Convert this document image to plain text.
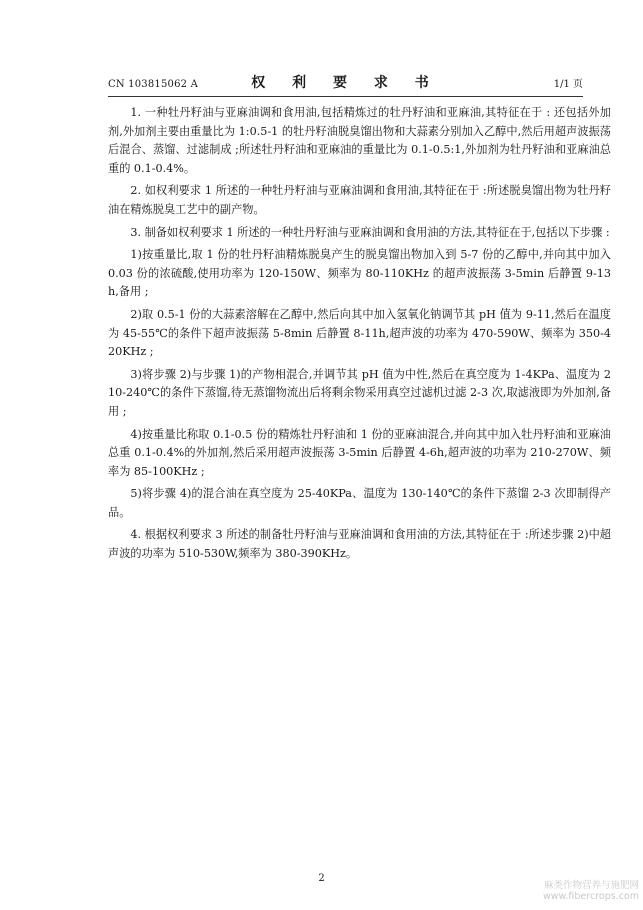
CN 103815062 A	权 利 要 求 书	1/1 页

1. 一种牡丹籽油与亚麻油调和食用油,包括精炼过的牡丹籽油和亚麻油,其特征在于 : 还包括外加剂,外加剂主要由重量比为 1:0.5-1 的牡丹籽油脱臭馏出物和大蒜素分别加入乙醇中,然后用超声波振荡后混合、蒸馏、过滤制成 ;所述牡丹籽油和亚麻油的重量比为 0.1-0.5:1,外加剂为牡丹籽油和亚麻油总重的 0.1-0.4%。

2. 如权利要求 1 所述的一种牡丹籽油与亚麻油调和食用油,其特征在于 :所述脱臭馏出物为牡丹籽油在精炼脱臭工艺中的副产物。

3. 制备如权利要求 1 所述的一种牡丹籽油与亚麻油调和食用油的方法,其特征在于,包括以下步骤 :

1)按重量比,取 1 份的牡丹籽油精炼脱臭产生的脱臭馏出物加入到 5-7 份的乙醇中,并向其中加入 0.03 份的浓硫酸,使用功率为 120-150W、频率为 80-110KHz 的超声波振荡 3-5min 后静置 9-13h,备用 ;

2)取 0.5-1 份的大蒜素溶解在乙醇中,然后向其中加入氢氧化钠调节其 pH 值为 9-11,然后在温度为 45-55℃的条件下超声波振荡 5-8min 后静置 8-11h,超声波的功率为 470-590W、频率为 350-420KHz ;

3)将步骤 2)与步骤 1)的产物相混合,并调节其 pH 值为中性,然后在真空度为 1-4KPa、温度为 210-240℃的条件下蒸馏,待无蒸馏物流出后将剩余物采用真空过滤机过滤 2-3 次,取滤液即为外加剂,备用 ;

4)按重量比称取 0.1-0.5 份的精炼牡丹籽油和 1 份的亚麻油混合,并向其中加入牡丹籽油和亚麻油总重 0.1-0.4%的外加剂,然后采用超声波振荡 3-5min 后静置 4-6h,超声波的功率为 210-270W、频率为 85-100KHz ;

5)将步骤 4)的混合油在真空度为 25-40KPa、温度为 130-140℃的条件下蒸馏 2-3 次即制得产品。

4. 根据权利要求 3 所述的制备牡丹籽油与亚麻油调和食用油的方法,其特征在于 :所述步骤 2)中超声波的功率为 510-530W,频率为 380-390KHz。

2
麻类作物营养与施肥网
www.fibercrops.com
